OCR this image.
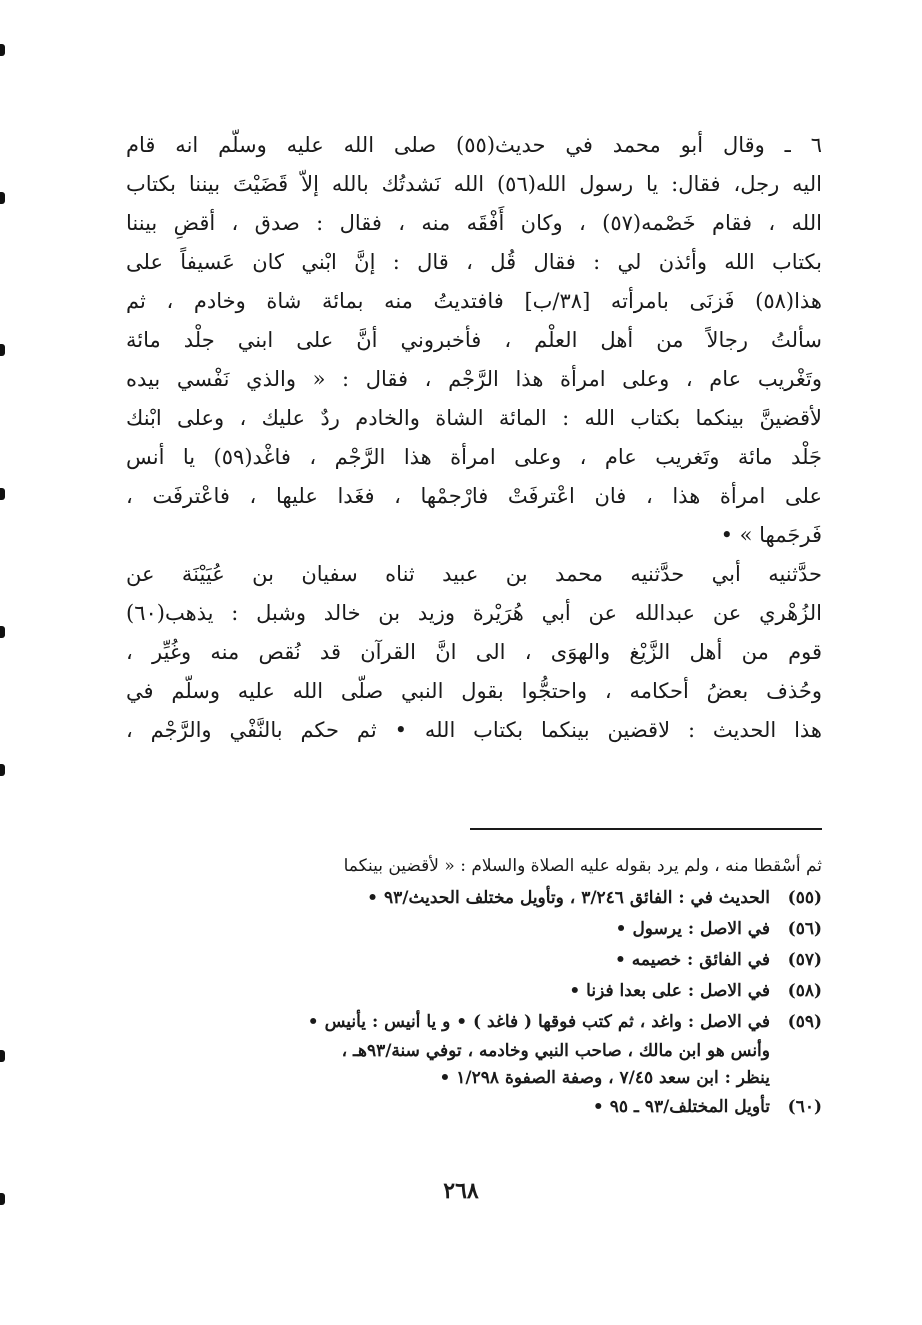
٦ ـ وقال أبو محمد في حديث(٥٥) صلى الله عليه وسلّم انه قام
اليه رجل، فقال: يا رسول الله(٥٦) الله نَشدتُك بالله إلاّ قَضَيْتَ بيننا بكتاب
الله ، فقام خَصْمه(٥٧) ، وكان أَفْقَه منه ، فقال : صدق ، أقضِ بيننا
بكتاب الله وأئذن لي : فقال قُل ، قال : إنَّ ابْني كان عَسيفاً على
هذا(٥٨) فَزنَى بامرأته [٣٨/ب] فافتديتُ منه بمائة شاة وخادم ، ثم
سألتُ رجالاً من أهل العلْم ، فأخبروني أنَّ على ابني جلْد مائة
وتَغْريب عام ، وعلى امرأة هذا الرَّجْم ، فقال : « والذي نَفْسي بيده
لأقضينَّ بينكما بكتاب الله : المائة الشاة والخادم ردٌ عليك ، وعلى ابْنك
جَلْد مائة وتَغريب عام ، وعلى امرأة هذا الرَّجْم ، فاغْد(٥٩) يا أنس
على امرأة هذا ، فان اعْترفَتْ فارْجمْها ، فغَدا عليها ، فاعْترفَت ،
فَرجَمها » •
حدَّثنيه أبي حدَّثنيه محمد بن عبيد ثناه سفيان بن عُيَيْنَة عن
الزُهْري عن عبدالله عن أبي هُرَيْرة وزيد بن خالد وشبل : يذهب(٦٠)
قوم من أهل الزَّيْغ والهوَى ، الى انَّ القرآن قد نُقص منه وغُيِّر ،
وحُذف بعضُ أحكامه ، واحتجُّوا بقول النبي صلّى الله عليه وسلّم في
هذا الحديث : لاقضين بينكما بكتاب الله • ثم حكم بالنَّفْي والرَّجْم ،
ثم أسْقطا منه ، ولم يرد بقوله عليه الصلاة والسلام : « لأقضين بينكما
(٥٥)
الحديث في : الفائق ٣/٢٤٦ ، وتأويل مختلف الحديث/٩٣ •
(٥٦)
في الاصل : يرسول •
(٥٧)
في الفائق : خصيمه •
(٥٨)
في الاصل : على بعدا فزنا •
(٥٩)
في الاصل : واغد ، ثم كتب فوقها ( فاغد ) • و يا أنيس : يأنيس •
وأنس هو ابن مالك ، صاحب النبي وخادمه ، توفي سنة/٩٣هـ ،
ينظر : ابن سعد ٧/٤٥ ، وصفة الصفوة ١/٢٩٨ •
(٦٠)
تأويل المختلف/٩٣ ـ ٩٥ •
٢٦٨
